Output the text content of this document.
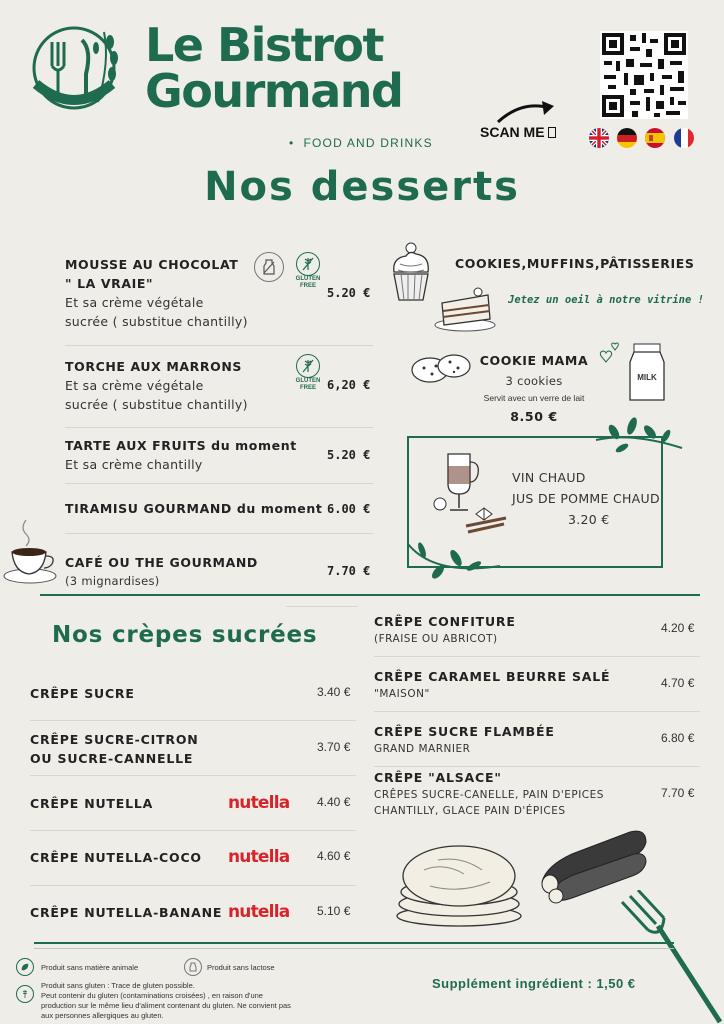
Le Bistrot
Gourmand
•  FOOD AND DRINKS
SCAN ME
Nos desserts
MOUSSE AU CHOCOLAT
" LA VRAIE"
Et sa crème végétale
sucrée ( substitue chantilly)
5.20 €
GLUTEN
FREE
TORCHE AUX MARRONS
Et sa crème végétale
sucrée ( substitue chantilly)
6,20 €
GLUTEN
FREE
TARTE AUX FRUITS du moment
Et sa crème chantilly
5.20 €
TIRAMISU GOURMAND du moment 6.00 €
CAFÉ OU THE GOURMAND
(3 mignardises)
7.70 €
COOKIES,MUFFINS,PÂTISSERIES
Jetez un oeil à notre vitrine !
COOKIE MAMA
3 cookies
Servit avec un verre de lait
8.50 €
MILK
VIN CHAUD
JUS DE POMME CHAUD
3.20 €
Nos crèpes sucrées
CRÊPE SUCRE	3.40 €
CRÊPE SUCRE-CITRON
OU SUCRE-CANNELLE
3.70 €
CRÊPE NUTELLA	nutella 4.40 €
CRÊPE NUTELLA-COCO	nutella 4.60 €
CRÊPE NUTELLA-BANANE nutella 5.10 €
CRÊPE CONFITURE
(FRAISE OU ABRICOT)
4.20 €
CRÊPE CARAMEL BEURRE SALÉ
"MAISON"
4.70 €
CRÊPE SUCRE FLAMBÉE
GRAND MARNIER
6.80 €
CRÊPE "ALSACE"
CRÊPES SUCRE-CANELLE, PAIN D'EPICES
CHANTILLY, GLACE PAIN D'ÉPICES
7.70 €
Produit sans matière animale	Produit sans lactose
Produit sans gluten : Trace de gluten possible.
Peut contenir du gluten (contaminations croisées) , en raison d'une
production sur le même lieu d'aliment contenant du gluten. Ne convient pas
aux personnes allergiques au gluten.
Supplément ingrédient : 1,50 €
